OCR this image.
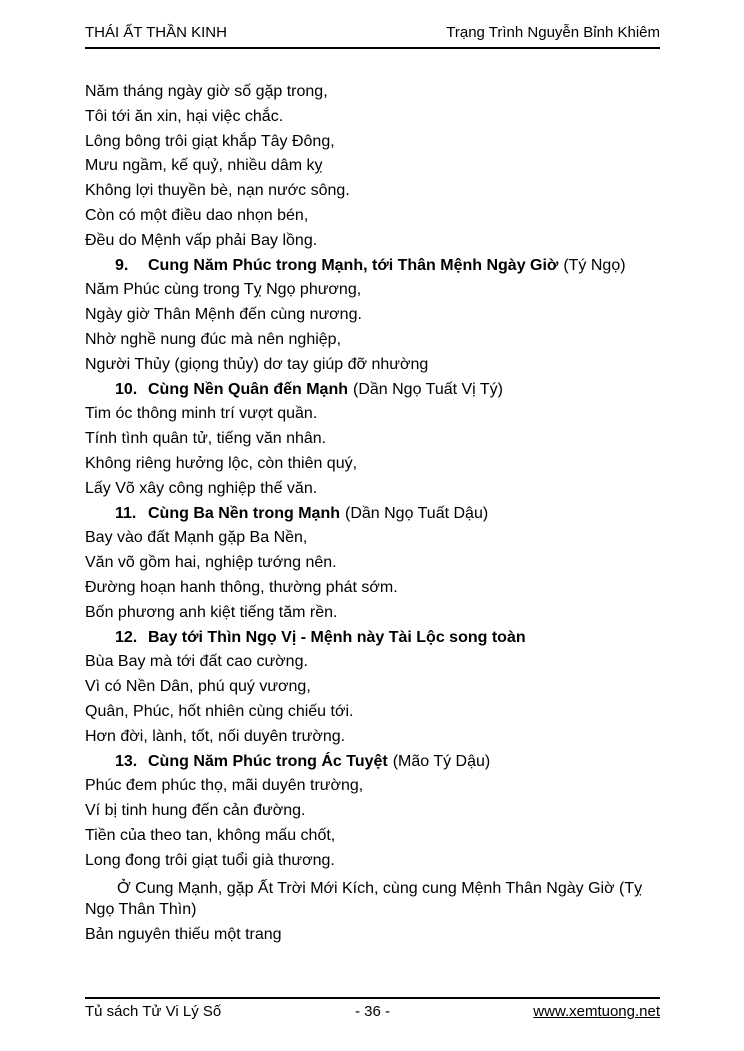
THÁI ẤT THẦN KINH	Trạng Trình Nguyễn Bỉnh Khiêm

Năm tháng ngày giờ số gặp trong,

Tôi tới ăn xin, hại việc chắc.

Lông bông trôi giạt khắp Tây Đông,

Mưu ngầm, kế quỷ, nhiều dâm kỵ

Không lợi thuyền bè, nạn nước sông.

Còn có một điều dao nhọn bén,

Đều do Mệnh vấp phải Bay lồng.

9. Cung Năm Phúc trong Mạnh, tới Thân Mệnh Ngày Giờ (Tý Ngọ)

Năm Phúc cùng trong Tỵ Ngọ phương,

Ngày giờ Thân Mệnh đến cùng nương.

Nhờ nghề nung đúc mà nên nghiệp,

Người Thủy (giọng thủy) dơ tay giúp đỡ nhường

10. Cùng Nền Quân đến Mạnh (Dần Ngọ Tuất Vị Tý)

Tim óc thông minh trí vượt quần.

Tính tình quân tử, tiếng văn nhân.

Không riêng hưởng lộc, còn thiên quý,

Lấy Võ xây công nghiệp thế văn.

11. Cùng Ba Nền trong Mạnh (Dần Ngọ Tuất Dậu)

Bay vào đất Mạnh gặp Ba Nền,

Văn võ gồm hai, nghiệp tướng nên.

Đường hoạn hanh thông, thường phát sớm.

Bốn phương anh kiệt tiếng tăm rền.

12. Bay tới Thìn Ngọ Vị - Mệnh này Tài Lộc song toàn

Bùa Bay mà tới đất cao cường.

Vì có Nền Dân, phú quý vương,

Quân, Phúc, hốt nhiên cùng chiếu tới.

Hơn đời, lành, tốt, nối duyên trường.

13. Cùng Năm Phúc trong Ác Tuyệt (Mão Tý Dậu)

Phúc đem phúc thọ, mãi duyên trường,

Ví bị tinh hung đến cản đường.

Tiền của theo tan, không mấu chốt,

Long đong trôi giạt tuổi già thương.

Ở Cung Mạnh, gặp Ất Trời Mới Kích, cùng cung Mệnh Thân Ngày Giờ (Tỵ Ngọ Thân Thìn)

Bản nguyên thiếu một trang

Tủ sách Tử Vi Lý Số	- 36 -	www.xemtuong.net
